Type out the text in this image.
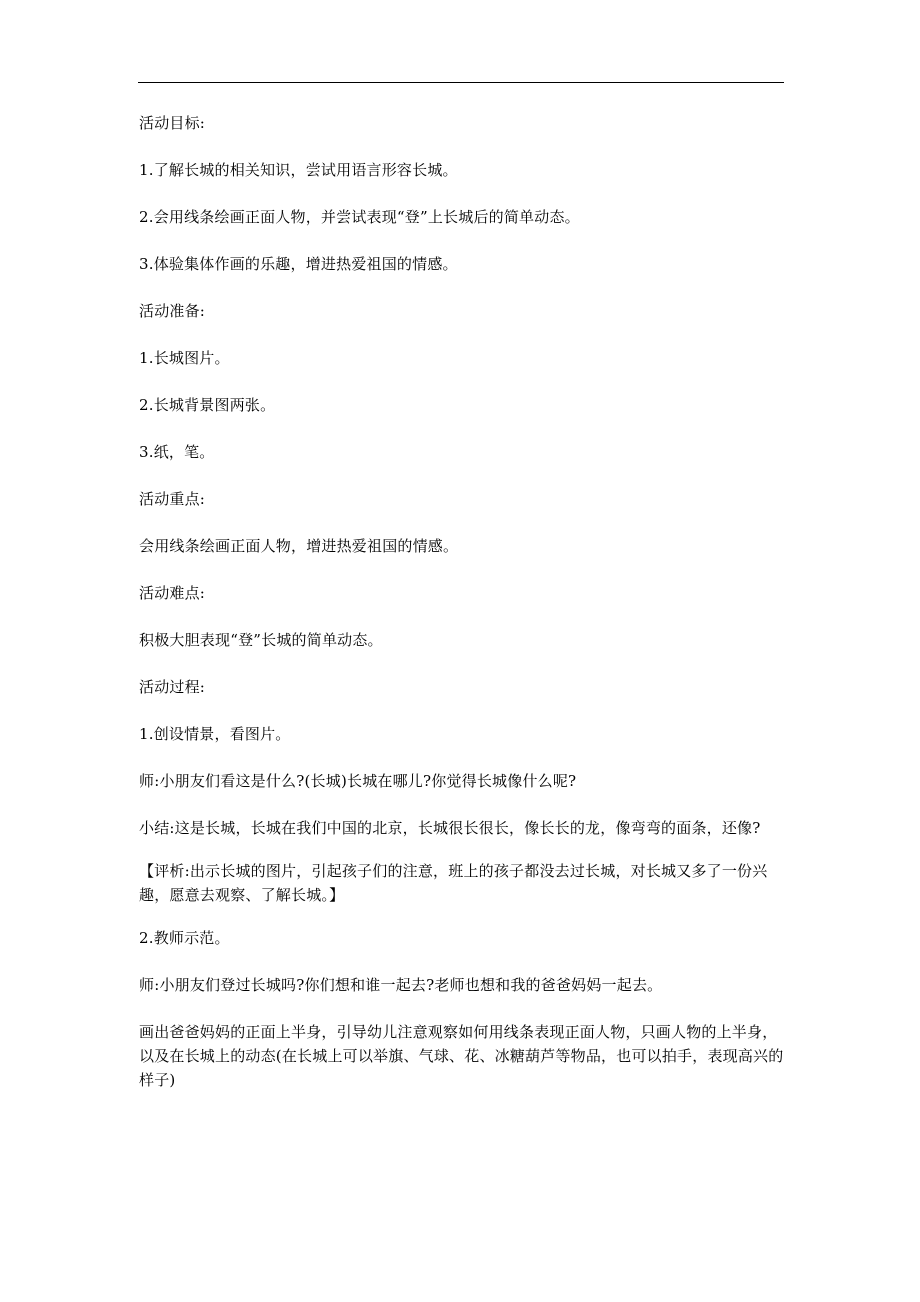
活动目标:

1.了解长城的相关知识，尝试用语言形容长城。

2.会用线条绘画正面人物，并尝试表现“登”上长城后的简单动态。

3.体验集体作画的乐趣，增进热爱祖国的情感。

活动准备:

1.长城图片。

2.长城背景图两张。

3.纸，笔。

活动重点:

会用线条绘画正面人物，增进热爱祖国的情感。

活动难点:

积极大胆表现“登”长城的简单动态。

活动过程:

1.创设情景，看图片。

师:小朋友们看这是什么?(长城)长城在哪儿?你觉得长城像什么呢?

小结:这是长城，长城在我们中国的北京，长城很长很长，像长长的龙，像弯弯的面条，还像?

【评析:出示长城的图片，引起孩子们的注意，班上的孩子都没去过长城，对长城又多了一份兴趣，愿意去观察、了解长城。】

2.教师示范。

师:小朋友们登过长城吗?你们想和谁一起去?老师也想和我的爸爸妈妈一起去。

画出爸爸妈妈的正面上半身，引导幼儿注意观察如何用线条表现正面人物，只画人物的上半身，以及在长城上的动态(在长城上可以举旗、气球、花、冰糖葫芦等物品，也可以拍手，表现高兴的样子)
